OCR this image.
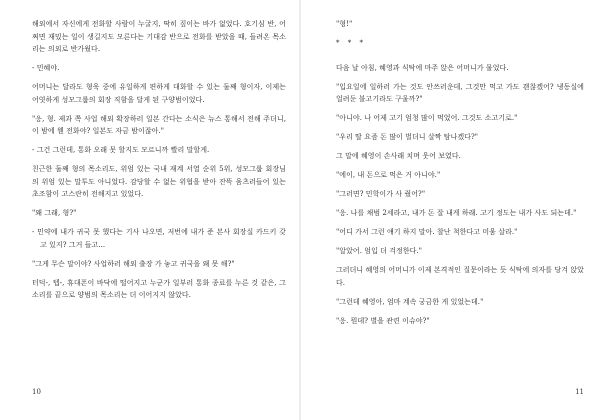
해외에서 자신에게 전화할 사람이 누굴지, 딱히 짚이는 바가 없었다. 호기심 반, 어쩌면 재밌는 일이 생길지도 모른다는 기대감 반으로 전화를 받았을 때, 들려온 목소리는 의외로 반가웠다.

- 민혜야.

어머니는 달라도 형욱 중에 유일하게 편하게 대화할 수 있는 둘째 형이자, 이제는 어엿하게 성모그룹의 회장 직함을 달게 된 구양범이었다.

"응, 형. 제과 쪽 사업 해외 확장하러 일본 간다는 소식은 뉴스 통해서 전해 주더니, 이 밤에 웬 전화야? 일본도 자금 밤이잖아."

- 그건 그런데, 통화 오래 못 할지도 모르니까 빨리 말할게.

친근한 둘째 형의 목소리도, 위엄 있는 국내 재계 서열 순위 5위, 성모그룹 회장님의 위엄 있는 말투도 아니었다. 감당할 수 없는 위협을 받아 잔뜩 움츠러들어 있는 초조함이 고스란히 전해지고 있었다.

"왜 그래, 형?"

- 민약에 내가 귀국 못 했다는 기사 나오면, 저번에 내가 준 본사 회장실 카드키 갖고 있지? 그거 들고...

"그게 무슨 말이야? 사업하러 해외 출장 가 놓고 귀국을 왜 못 해?"

터덕-, 텝-, 휴대폰이 바닥에 떨어지고 누군가 일부러 통화 종료를 누른 것 같은, 그 소리를 끝으로 양범의 목소리는 더 이어지지 않았다.

10

"형!"

* * *

다음 날 아침, 혜영과 식탁에 마주 앉은 어머니가 물었다.

"입요일에 일하러 가는 것도 안쓰러운데, 그것만 먹고 가도 괜찮겠어? 냉동실에 얼려둔 불고기라도 구울까?"

"아니야. 나 어제 고기 엄청 많이 먹었어. 그것도 소고기로."

"우리 딸 요즘 돈 많이 벌더니 살짝 탐나겠다?"

그 말에 혜영이 손사래 치며 웃어 보였다.

"에이, 내 돈으로 먹은 거 아니야."

"그러면? 민학이가 사 줬어?"

"응. 나를 채범 2세라고, 내가 돈 잘 내게 하래. 고기 정도는 내가 사도 되는데."

"어디 가서 그런 얘기 하지 말아. 찰난 척한다고 미움 살라."

"알았어. 엄입 더 걱정한다."

그러더니 혜영의 어머니가 이제 본격적인 질문이라는 듯 식탁에 의자를 당겨 앉았다.

"그런데 혜영아, 엄마 계속 궁금한 게 있었는데."

"응. 뭔데? 별을 관련 이슈야?"

11
